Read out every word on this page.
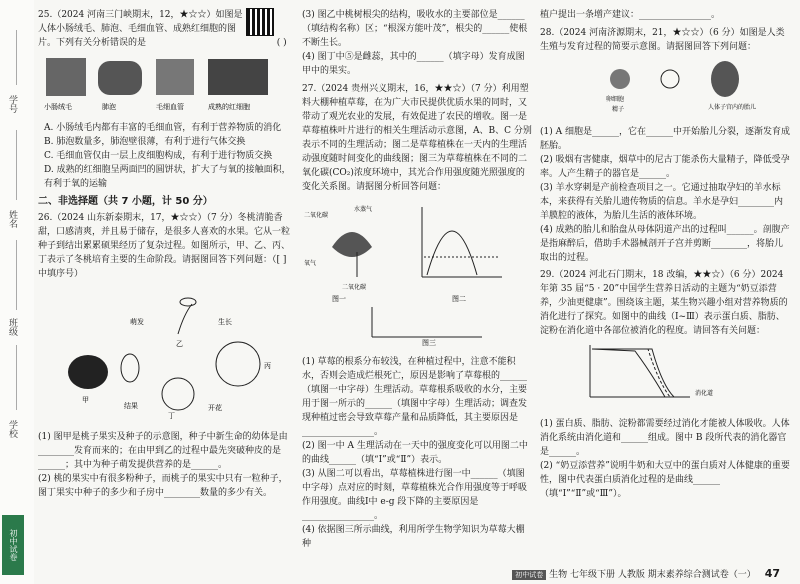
学号
姓名
班级
学校
初中试卷

25.（2024 河南三门峡期末，12，★☆☆）如图是人体小肠绒毛、肺泡、毛细血管、成熟红细胞的图片。下列有关分析错误的是	( )
小肠绒毛	肺泡	毛细血管	成熟的红细胞

A. 小肠绒毛内都有丰富的毛细血管，有利于营养物质的消化

B. 肺泡数量多，肺泡壁很薄，有利于进行气体交换

C. 毛细血管仅由一层上皮细胞构成，有利于进行物质交换

D. 成熟的红细胞呈两面凹的圆饼状，扩大了与氧的接触面积，有利于氧的运输

二、非选择题（共 7 小题，计 50 分）

26.（2024 山东新泰期末，17，★☆☆）（7 分）冬桃清脆香甜，口感清爽，并且易于储存，是很多人喜欢的水果。它从一粒种子到结出累累硕果经历了复杂过程。如图所示，甲、乙、丙、丁表示了冬桃培育主要的生命阶段。请据图回答下列问题：（[ ]中填序号）

萌发	生长
开花
结果
甲
乙
丙
丁

(1) 图甲是桃子果实及种子的示意图，种子中新生命的幼体是由________发育而来的；在由甲到乙的过程中最先突破种皮的是______；其中为种子萌发提供营养的是______。

(2) 桃的果实中有很多粉种子，而桃子的果实中只有一粒种子，图丁果实中种子的多少和子房中________数量的多少有关。

(3) 图乙中桃树根尖的结构，吸收水的主要部位是______（填结构名称）区；“根深方能叶茂”，根尖的______使根不断生长。

(4) 图丁中⑤是雌蕊，其中的______（填字母）发育成图甲中的果实。

27.（2024 贵州兴义期末，16，★★☆）（7 分）利用塑料大棚种植草莓，在为广大市民提供优质水果的同时，又带动了观光农业的发展，有效促进了农民的增收。图一是草莓植株叶片进行的相关生理活动示意图，A、B、C 分别表示不同的生理活动；图二是草莓植株在一天内的生理活动强度随时间变化的曲线图；图三为草莓植株在不同的二氧化碳(CO₂)浓度环境中，其光合作用强度随光照强度的变化关系图。请据图分析回答问题：

二氧化碳
水蒸气
氧气
二氧化碳
图一	图二
图三

(1) 草莓的根系分布较浅，在种植过程中，注意不能积水，否则会造成烂根死亡，原因是影响了草莓根的______（填图一中字母）生理活动。草莓根系吸收的水分，主要用于图一所示的______（填图中字母）生理活动；调查发现种植过密会导致草莓产量和品质降低，其主要原因是________________。

(2) 图一中 A 生理活动在一天中的强度变化可以用图二中的曲线______（填“Ⅰ”或“Ⅱ”）表示。

(3) 从图二可以看出，草莓植株进行图一中______（填图中字母）点对应的时刻，草莓植株光合作用强度等于呼吸作用强度。曲线Ⅰ中 e-g 段下降的主要原因是________________。

(4) 依据图三所示曲线，利用所学生物学知识为草莓大棚种

植户提出一条增产建议：________________。

28.（2024 河南济源期末，21，★☆☆）（6 分）如图是人类生殖与发育过程的简要示意图。请据图回答下列问题：

卵细胞
精子	人体子宫内的胎儿

(1) A 细胞是______，它在______中开始胎儿分裂，逐渐发育成胚胎。

(2) 吸烟有害健康，烟草中的尼古丁能杀伤大量精子，降低受孕率。人产生精子的器官是______。

(3) 羊水穿刺是产前检查项目之一。它通过抽取孕妇的羊水标本，来获得有关胎儿遗传物质的信息。羊水是孕妇________内羊膜腔的液体，为胎儿生活的液体环境。

(4) 成熟的胎儿和胎盘从母体阴道产出的过程叫______。剖腹产是指麻醉后，借助手术器械剖开子宫并剪断________，将胎儿取出的过程。

29.（2024 河北石门期末，18 改编，★★☆）（6 分）2024 年第 35 届“5 · 20”中国学生营养日活动的主题为“奶豆添营养，少油更健康”。围绕该主题，某生物兴趣小组对营养物质的消化进行了探究。如图中的曲线（Ⅰ~Ⅲ）表示蛋白质、脂肪、淀粉在消化道中各部位被消化的程度。请回答有关问题：

消化道

(1) 蛋白质、脂肪、淀粉都需要经过消化才能被人体吸收。人体消化系统由消化道和______组成。图中 B 段所代表的消化器官是______。

(2) “奶豆添营养”说明牛奶和大豆中的蛋白质对人体健康的重要性，图中代表蛋白质消化过程的是曲线______（填“Ⅰ”“Ⅱ”或“Ⅲ”）。

初中试卷 生物 七年级下册 人教版 期末素养综合测试卷（一） 47
